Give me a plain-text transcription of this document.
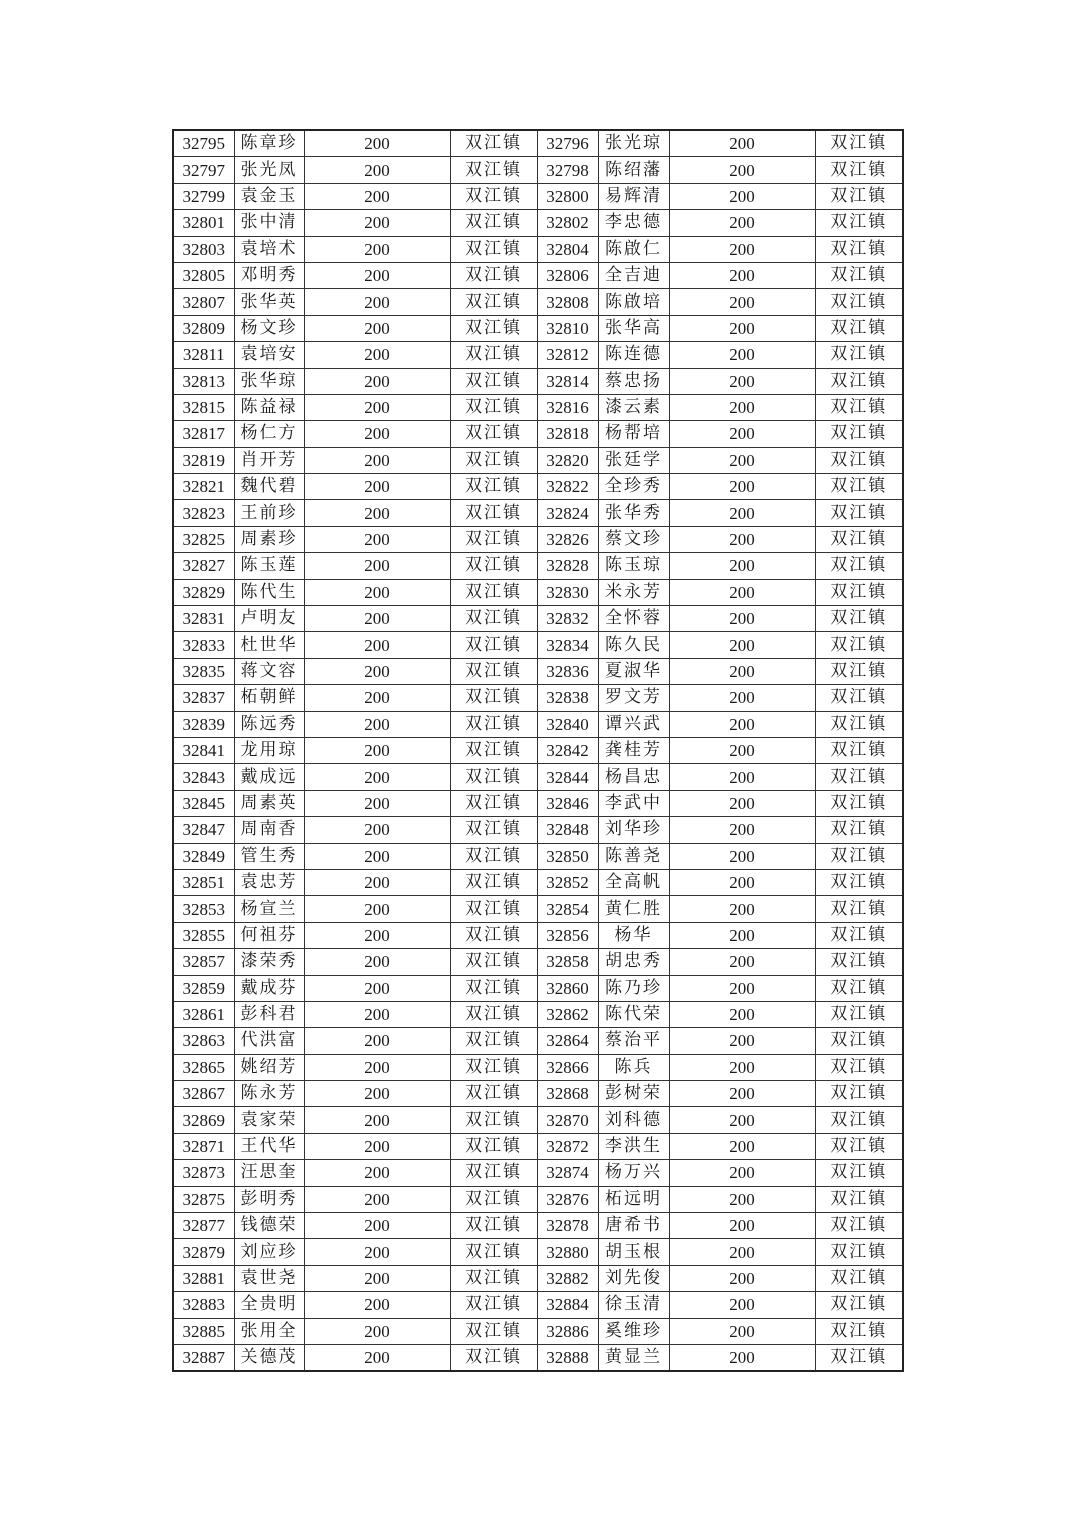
32795	陈章珍	200	双江镇	32796	张光琼	200	双江镇
32797	张光凤	200	双江镇	32798	陈绍藩	200	双江镇
32799	袁金玉	200	双江镇	32800	易辉清	200	双江镇
32801	张中清	200	双江镇	32802	李忠德	200	双江镇
32803	袁培术	200	双江镇	32804	陈啟仁	200	双江镇
32805	邓明秀	200	双江镇	32806	全吉迪	200	双江镇
32807	张华英	200	双江镇	32808	陈啟培	200	双江镇
32809	杨文珍	200	双江镇	32810	张华高	200	双江镇
32811	袁培安	200	双江镇	32812	陈连德	200	双江镇
32813	张华琼	200	双江镇	32814	蔡忠扬	200	双江镇
32815	陈益禄	200	双江镇	32816	漆云素	200	双江镇
32817	杨仁方	200	双江镇	32818	杨帮培	200	双江镇
32819	肖开芳	200	双江镇	32820	张廷学	200	双江镇
32821	魏代碧	200	双江镇	32822	全珍秀	200	双江镇
32823	王前珍	200	双江镇	32824	张华秀	200	双江镇
32825	周素珍	200	双江镇	32826	蔡文珍	200	双江镇
32827	陈玉莲	200	双江镇	32828	陈玉琼	200	双江镇
32829	陈代生	200	双江镇	32830	米永芳	200	双江镇
32831	卢明友	200	双江镇	32832	全怀蓉	200	双江镇
32833	杜世华	200	双江镇	32834	陈久民	200	双江镇
32835	蒋文容	200	双江镇	32836	夏淑华	200	双江镇
32837	柘朝鲜	200	双江镇	32838	罗文芳	200	双江镇
32839	陈远秀	200	双江镇	32840	谭兴武	200	双江镇
32841	龙用琼	200	双江镇	32842	龚桂芳	200	双江镇
32843	戴成远	200	双江镇	32844	杨昌忠	200	双江镇
32845	周素英	200	双江镇	32846	李武中	200	双江镇
32847	周南香	200	双江镇	32848	刘华珍	200	双江镇
32849	管生秀	200	双江镇	32850	陈善尧	200	双江镇
32851	袁忠芳	200	双江镇	32852	全高帆	200	双江镇
32853	杨宣兰	200	双江镇	32854	黄仁胜	200	双江镇
32855	何祖芬	200	双江镇	32856	杨华	200	双江镇
32857	漆荣秀	200	双江镇	32858	胡忠秀	200	双江镇
32859	戴成芬	200	双江镇	32860	陈乃珍	200	双江镇
32861	彭科君	200	双江镇	32862	陈代荣	200	双江镇
32863	代洪富	200	双江镇	32864	蔡治平	200	双江镇
32865	姚绍芳	200	双江镇	32866	陈兵	200	双江镇
32867	陈永芳	200	双江镇	32868	彭树荣	200	双江镇
32869	袁家荣	200	双江镇	32870	刘科德	200	双江镇
32871	王代华	200	双江镇	32872	李洪生	200	双江镇
32873	汪思奎	200	双江镇	32874	杨万兴	200	双江镇
32875	彭明秀	200	双江镇	32876	柘远明	200	双江镇
32877	钱德荣	200	双江镇	32878	唐希书	200	双江镇
32879	刘应珍	200	双江镇	32880	胡玉根	200	双江镇
32881	袁世尧	200	双江镇	32882	刘先俊	200	双江镇
32883	全贵明	200	双江镇	32884	徐玉清	200	双江镇
32885	张用全	200	双江镇	32886	奚维珍	200	双江镇
32887	关德茂	200	双江镇	32888	黄显兰	200	双江镇
